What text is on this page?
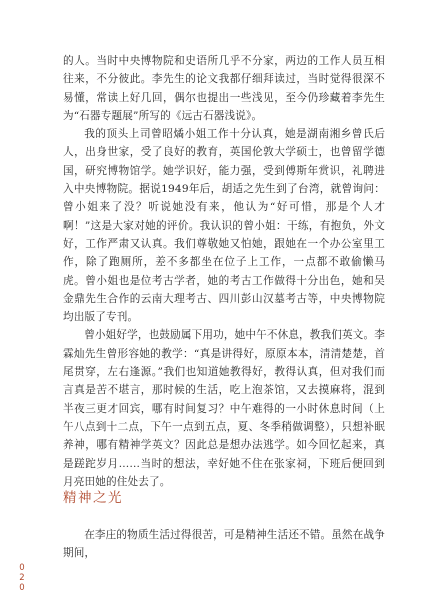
的人。当时中央博物院和史语所几乎不分家，两边的工作人员互相往来，不分彼此。李先生的论文我都仔细拜读过，当时觉得很深不易懂，常读上好几回，偶尔也提出一些浅见，至今仍珍藏着李先生为“石器专题展”所写的《远古石器浅说》。

我的顶头上司曾昭燏小姐工作十分认真，她是湖南湘乡曾氏后人，出身世家，受了良好的教育，英国伦敦大学硕士，也曾留学德国，研究博物馆学。她学识好，能力强，受到傅斯年赏识，礼聘进入中央博物院。据说1949年后，胡适之先生到了台湾，就曾询问：曾小姐来了没？听说她没有来，他认为“好可惜，那是个人才啊！”这是大家对她的评价。我认识的曾小姐：干练，有抱负，外文好，工作严肃又认真。我们尊敬她又怕她，跟她在一个办公室里工作，除了跑厕所，差不多都坐在位子上工作，一点都不敢偷懒马虎。曾小姐也是位考古学者，她的考古工作做得十分出色，她和吴金鼎先生合作的云南大理考古、四川彭山汉墓考古等，中央博物院均出版了专刊。

曾小姐好学，也鼓励属下用功，她中午不休息，教我们英文。李霖灿先生曾形容她的教学：“真是讲得好，原原本本，清清楚楚，首尾贯穿，左右逢源。”我们也知道她教得好，教得认真，但对我们而言真是苦不堪言，那时候的生活，吃上泡茶馆，又去摸麻将，混到半夜三更才回宾，哪有时间复习？中午难得的一小时休息时间（上午八点到十二点，下午一点到五点，夏、冬季稍做调整），只想补眠养神，哪有精神学英文？因此总是想办法逃学。如今回忆起来，真是蹉跎岁月……当时的想法，幸好她不住在张家祠，下班后便回到月亮田她的住处去了。

精神之光

在李庄的物质生活过得很苦，可是精神生活还不错。虽然在战争期间，

020
